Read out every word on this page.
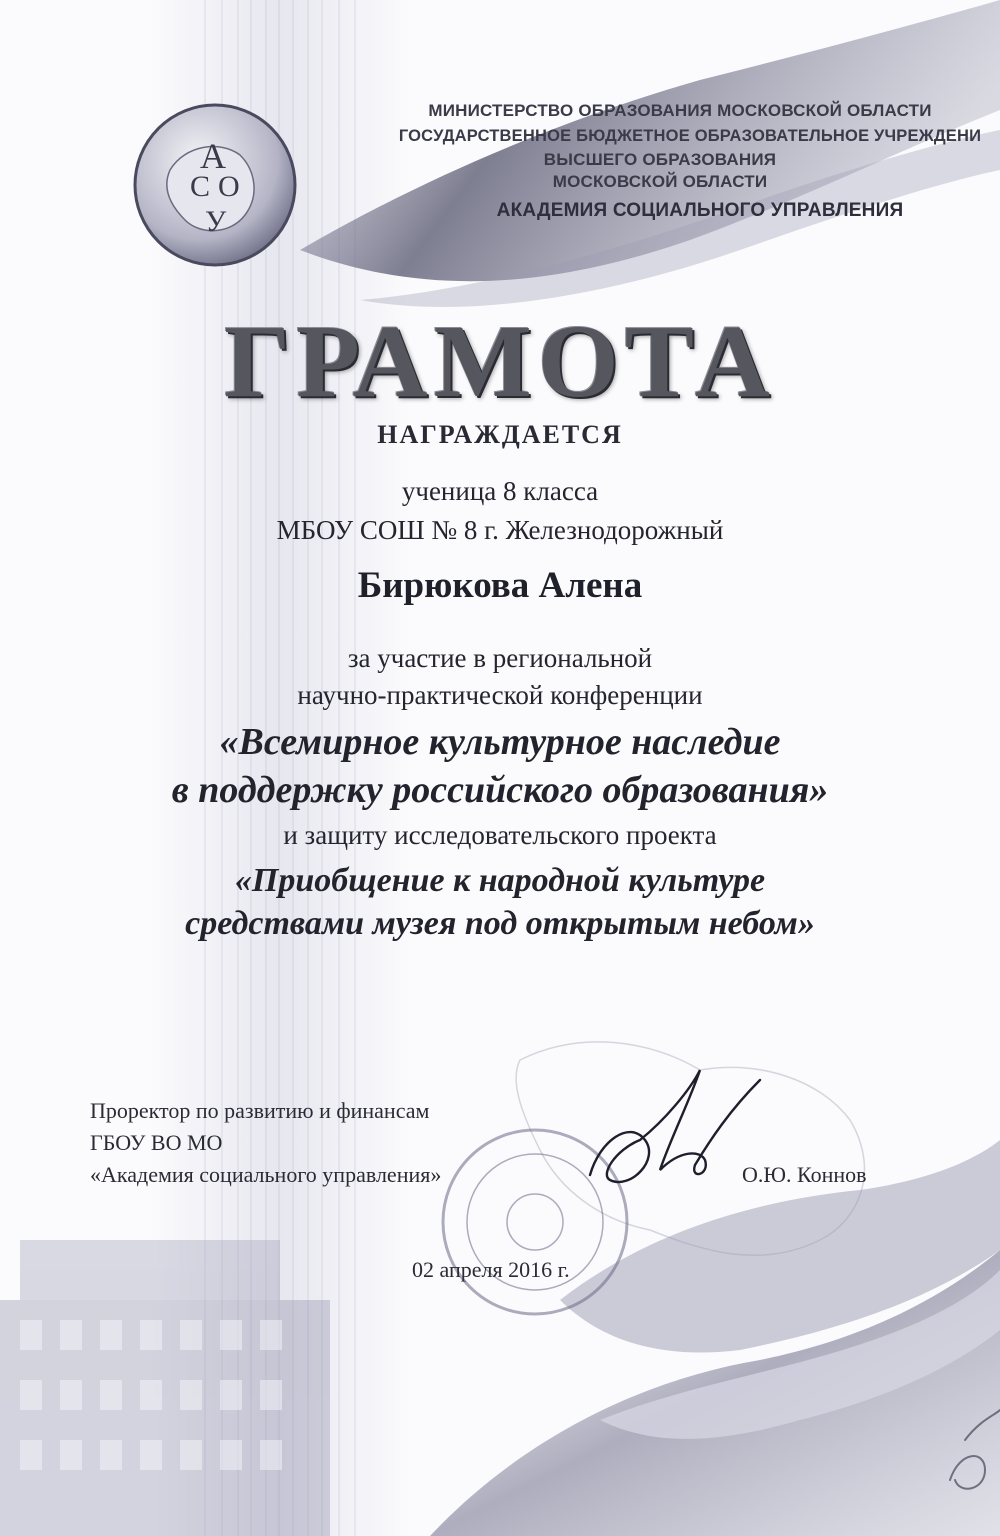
А
С О
У
МИНИСТЕРСТВО ОБРАЗОВАНИЯ МОСКОВСКОЙ ОБЛАСТИ
ГОСУДАРСТВЕННОЕ БЮДЖЕТНОЕ ОБРАЗОВАТЕЛЬНОЕ УЧРЕЖДЕНИ
ВЫСШЕГО ОБРАЗОВАНИЯ
МОСКОВСКОЙ ОБЛАСТИ
АКАДЕМИЯ СОЦИАЛЬНОГО УПРАВЛЕНИЯ
ГРАМОТА
НАГРАЖДАЕТСЯ
ученица 8 класса
МБОУ СОШ № 8 г. Железнодорожный
Бирюкова Алена
за участие в региональной
научно-практической конференции
«Всемирное культурное наследие
в поддержку российского образования»
и защиту исследовательского проекта
«Приобщение к народной культуре
средствами музея под открытым небом»
Проректор по развитию и финансам
ГБОУ ВО МО
«Академия социального управления»	О.Ю. Коннов
02 апреля 2016 г.
